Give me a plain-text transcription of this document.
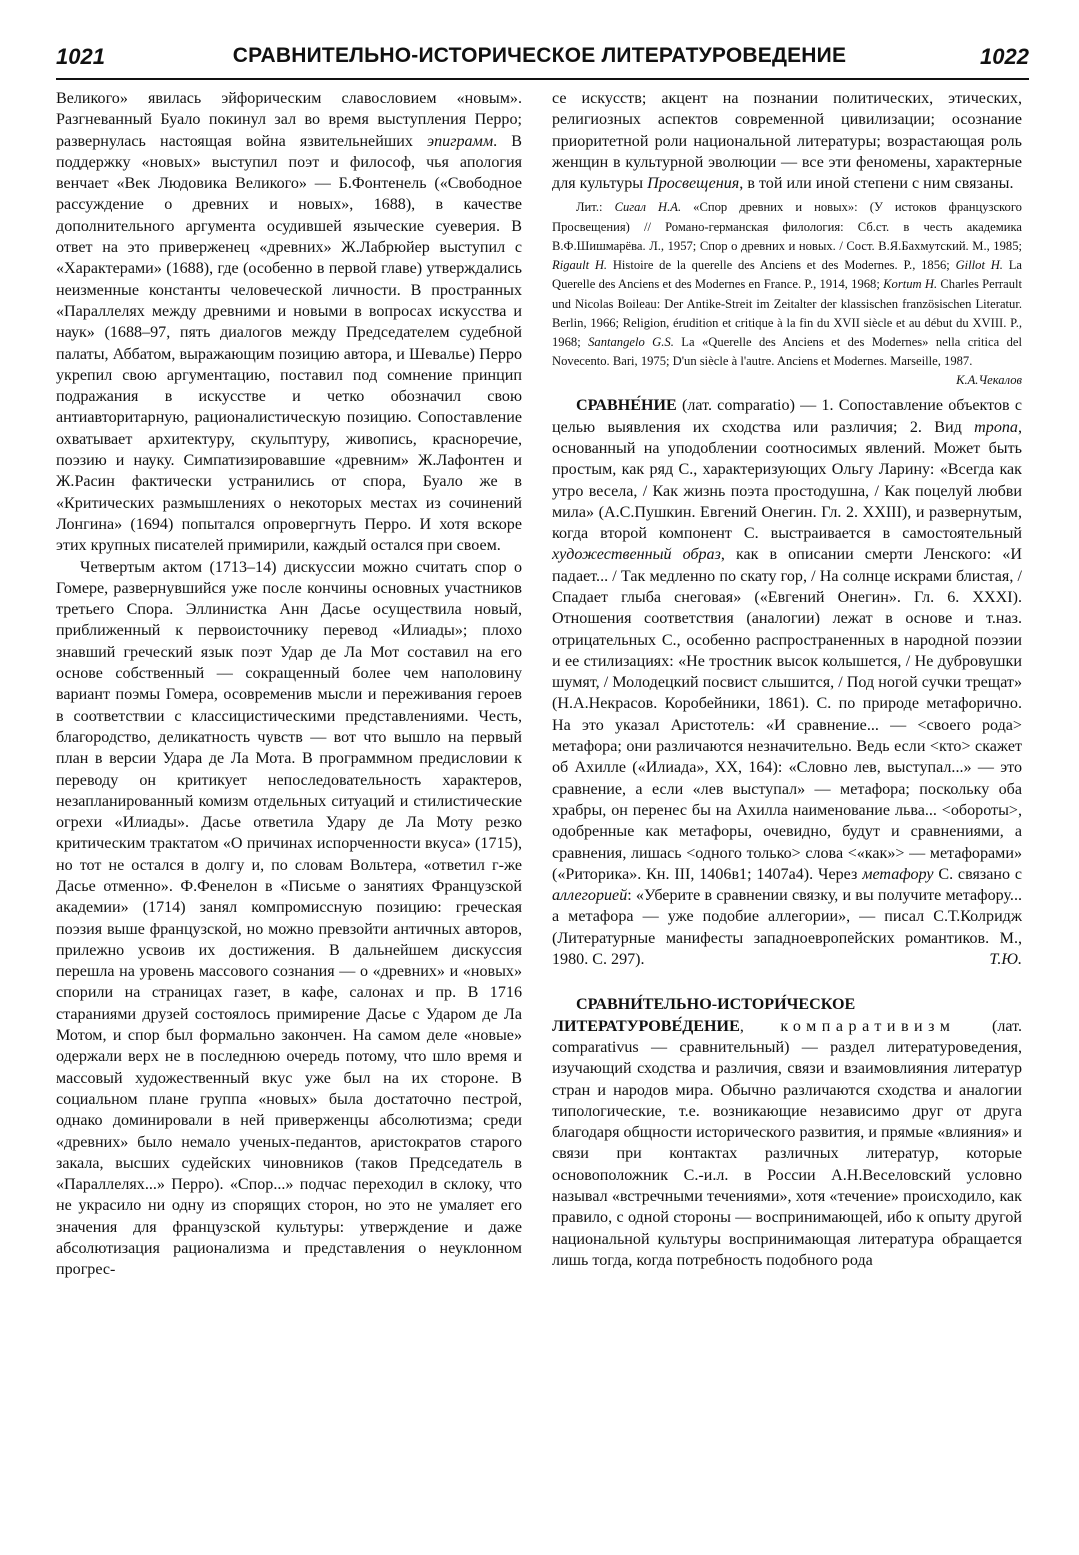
1021	СРАВНИТЕЛЬНО-ИСТОРИЧЕСКОЕ ЛИТЕРАТУРОВЕДЕНИЕ	1022

Великого» явилась эйфорическим славословием «новым». Разгневанный Буало покинул зал во время выступления Перро; развернулась настоящая война язвительнейших эпиграмм. В поддержку «новых» выступил поэт и философ, чья апология венчает «Век Людовика Великого» — Б.Фонтенель («Свободное рассуждение о древних и новых», 1688), в качестве дополнительного аргумента осудившей языческие суеверия. В ответ на это приверженец «древних» Ж.Лабрюйер выступил с «Характерами» (1688), где (особенно в первой главе) утверждались неизменные константы человеческой личности. В пространных «Параллелях между древними и новыми в вопросах искусства и наук» (1688–97, пять диалогов между Председателем судебной палаты, Аббатом, выражающим позицию автора, и Шевалье) Перро укрепил свою аргументацию, поставил под сомнение принцип подражания в искусстве и четко обозначил свою антиавторитарную, рационалистическую позицию. Сопоставление охватывает архитектуру, скульптуру, живопись, красноречие, поэзию и науку. Симпатизировавшие «древним» Ж.Лафонтен и Ж.Расин фактически устранились от спора, Буало же в «Критических размышлениях о некоторых местах из сочинений Лонгина» (1694) попытался опровергнуть Перро. И хотя вскоре этих крупных писателей примирили, каждый остался при своем.

Четвертым актом (1713–14) дискуссии можно считать спор о Гомере, развернувшийся уже после кончины основных участников третьего Спора. Эллинистка Анн Дасье осуществила новый, приближенный к первоисточнику перевод «Илиады»; плохо знавший греческий язык поэт Удар де Ла Мот составил на его основе собственный — сокращенный более чем наполовину вариант поэмы Гомера, осовременив мысли и переживания героев в соответствии с классицистическими представлениями. Честь, благородство, деликатность чувств — вот что вышло на первый план в версии Удара де Ла Мота. В программном предисловии к переводу он критикует непоследовательность характеров, незапланированный комизм отдельных ситуаций и стилистические огрехи «Илиады». Дасье ответила Удару де Ла Моту резко критическим трактатом «О причинах испорченности вкуса» (1715), но тот не остался в долгу и, по словам Вольтера, «ответил г-же Дасье отменно». Ф.Фенелон в «Письме о занятиях Французской академии» (1714) занял компромиссную позицию: греческая поэзия выше французской, но можно превзойти античных авторов, прилежно усвоив их достижения. В дальнейшем дискуссия перешла на уровень массового сознания — о «древних» и «новых» спорили на страницах газет, в кафе, салонах и пр. В 1716 стараниями друзей состоялось примирение Дасье с Ударом де Ла Мотом, и спор был формально закончен. На самом деле «новые» одержали верх не в последнюю очередь потому, что шло время и массовый художественный вкус уже был на их стороне. В социальном плане группа «новых» была достаточно пестрой, однако доминировали в ней приверженцы абсолютизма; среди «древних» было немало ученых-педантов, аристократов старого закала, высших судейских чиновников (таков Председатель в «Параллелях...» Перро). «Спор...» подчас переходил в склоку, что не украсило ни одну из спорящих сторон, но это не умаляет его значения для французской культуры: утверждение и даже абсолютизация рационализма и представления о неуклонном прогрес-

се искусств; акцент на познании политических, этических, религиозных аспектов современной цивилизации; осознание приоритетной роли национальной литературы; возрастающая роль женщин в культурной эволюции — все эти феномены, характерные для культуры Просвещения, в той или иной степени с ним связаны.

Лит.: Сигал Н.А. «Спор древних и новых»: (У истоков французского Просвещения) // Романо-германская филология: Сб.ст. в честь академика В.Ф.Шишмарёва. Л., 1957; Спор о древних и новых. / Сост. В.Я.Бахмутский. М., 1985; Rigault H. Histoire de la querelle des Anciens et des Modernes. P., 1856; Gillot H. La Querelle des Anciens et des Modernes en France. P., 1914, 1968; Kortum H. Charles Perrault und Nicolas Boileau: Der Antike-Streit im Zeitalter der klassischen französischen Literatur. Berlin, 1966; Religion, érudition et critique à la fin du XVII siècle et au début du XVIII. P., 1968; Santangelo G.S. La «Querelle des Anciens et des Modernes» nella critica del Novecento. Bari, 1975; D'un siècle à l'autre. Anciens et Modernes. Marseille, 1987.
К.А.Чекалов

СРАВНЕ́НИЕ (лат. comparatio) — 1. Сопоставление объектов с целью выявления их сходства или различия; 2. Вид тропа, основанный на уподоблении соотносимых явлений. Может быть простым, как ряд С., характеризующих Ольгу Ларину: «Всегда как утро весела, / Как жизнь поэта простодушна, / Как поцелуй любви мила» (А.С.Пушкин. Евгений Онегин. Гл. 2. XXIII), и развернутым, когда второй компонент С. выстраивается в самостоятельный художественный образ, как в описании смерти Ленского: «И падает... / Так медленно по скату гор, / На солнце искрами блистая, / Спадает глыба снеговая» («Евгений Онегин». Гл. 6. XXXI). Отношения соответствия (аналогии) лежат в основе и т.наз. отрицательных С., особенно распространенных в народной поэзии и ее стилизациях: «Не тростник высок колышется, / Не дубровушки шумят, / Молодецкий посвист слышится, / Под ногой сучки трещат» (Н.А.Некрасов. Коробейники, 1861). С. по природе метафорично. На это указал Аристотель: «И сравнение... — <своего рода> метафора; они различаются незначительно. Ведь если <кто> скажет об Ахилле («Илиада», XX, 164): «Словно лев, выступал...» — это сравнение, а если «лев выступал» — метафора; поскольку оба храбры, он перенес бы на Ахилла наименование льва... <обороты>, одобренные как метафоры, очевидно, будут и сравнениями, а сравнения, лишась <одного только> слова <«как»> — метафорами» («Риторика». Кн. III, 1406в1; 1407а4). Через метафору С. связано с аллегорией: «Уберите в сравнении связку, и вы получите метафору... а метафора — уже подобие аллегории», — писал С.Т.Колридж (Литературные манифесты западноевропейских романтиков. М., 1980. С. 297).	Т.Ю.

СРАВНИ́ТЕЛЬНО-ИСТОРИ́ЧЕСКОЕ ЛИТЕРАТУРОВЕ́ДЕНИЕ, компаративизм (лат. comparativus — сравнительный) — раздел литературоведения, изучающий сходства и различия, связи и взаимовлияния литератур стран и народов мира. Обычно различаются сходства и аналогии типологические, т.е. возникающие независимо друг от друга благодаря общности исторического развития, и прямые «влияния» и связи при контактах различных литератур, которые основоположник С.-и.л. в России А.Н.Веселовский условно называл «встречными течениями», хотя «течение» происходило, как правило, с одной стороны — воспринимающей, ибо к опыту другой национальной культуры воспринимающая литература обращается лишь тогда, когда потребность подобного рода
